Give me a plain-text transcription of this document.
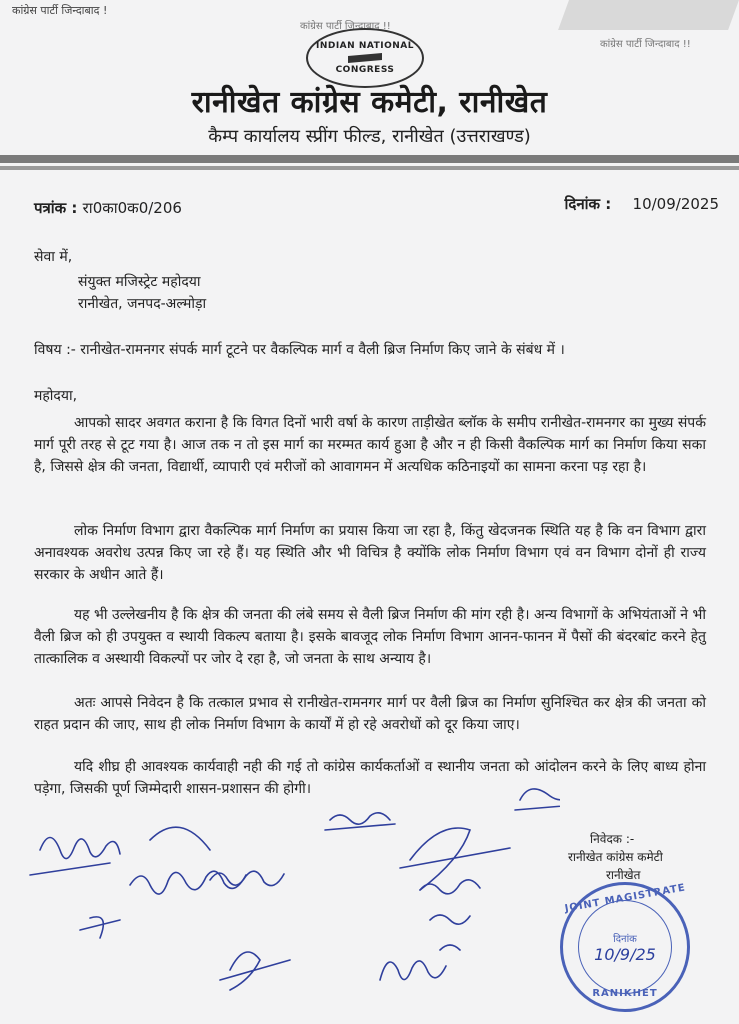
कांग्रेस पार्टी जिन्दाबाद !
कांग्रेस पार्टी जिन्दाबाद !!
कांग्रेस पार्टी जिन्दाबाद !!
INDIAN NATIONAL
CONGRESS
रानीखेत कांग्रेस कमेटी, रानीखेत
कैम्प कार्यालय स्प्रींग फील्ड, रानीखेत (उत्तराखण्ड)
पत्रांक : रा0का0क0/206	दिनांक : 10/09/2025
सेवा में,
संयुक्त मजिस्ट्रेट महोदया
रानीखेत, जनपद-अल्मोड़ा
विषय :- रानीखेत-रामनगर संपर्क मार्ग टूटने पर वैकल्पिक मार्ग व वैली ब्रिज निर्माण किए जाने के संबंध में ।
महोदया,
आपको सादर अवगत कराना है कि विगत दिनों भारी वर्षा के कारण ताड़ीखेत ब्लॉक के समीप रानीखेत-रामनगर का मुख्य संपर्क मार्ग पूरी तरह से टूट गया है। आज तक न तो इस मार्ग का मरम्मत कार्य हुआ है और न ही किसी वैकल्पिक मार्ग का निर्माण किया सका है, जिससे क्षेत्र की जनता, विद्यार्थी, व्यापारी एवं मरीजों को आवागमन में अत्यधिक कठिनाइयों का सामना करना पड़ रहा है।
लोक निर्माण विभाग द्वारा वैकल्पिक मार्ग निर्माण का प्रयास किया जा रहा है, किंतु खेदजनक स्थिति यह है कि वन विभाग द्वारा अनावश्यक अवरोध उत्पन्न किए जा रहे हैं। यह स्थिति और भी विचित्र है क्योंकि लोक निर्माण विभाग एवं वन विभाग दोनों ही राज्य सरकार के अधीन आते हैं।
यह भी उल्लेखनीय है कि क्षेत्र की जनता की लंबे समय से वैली ब्रिज निर्माण की मांग रही है। अन्य विभागों के अभियंताओं ने भी वैली ब्रिज को ही उपयुक्त व स्थायी विकल्प बताया है। इसके बावजूद लोक निर्माण विभाग आनन-फानन में पैसों की बंदरबांट करने हेतु तात्कालिक व अस्थायी विकल्पों पर जोर दे रहा है, जो जनता के साथ अन्याय है।
अतः आपसे निवेदन है कि तत्काल प्रभाव से रानीखेत-रामनगर मार्ग पर वैली ब्रिज का निर्माण सुनिश्चित कर क्षेत्र की जनता को राहत प्रदान की जाए, साथ ही लोक निर्माण विभाग के कार्यों में हो रहे अवरोधों को दूर किया जाए।
यदि शीघ्र ही आवश्यक कार्यवाही नही की गई तो कांग्रेस कार्यकर्ताओं व स्थानीय जनता को आंदोलन करने के लिए बाध्य होना पड़ेगा, जिसकी पूर्ण जिम्मेदारी शासन-प्रशासन की होगी।
निवेदक :-
रानीखेत कांग्रेस कमेटी
रानीखेत
JOINT MAGISTRATE
दिनांक
10/9/25
RANIKHET
